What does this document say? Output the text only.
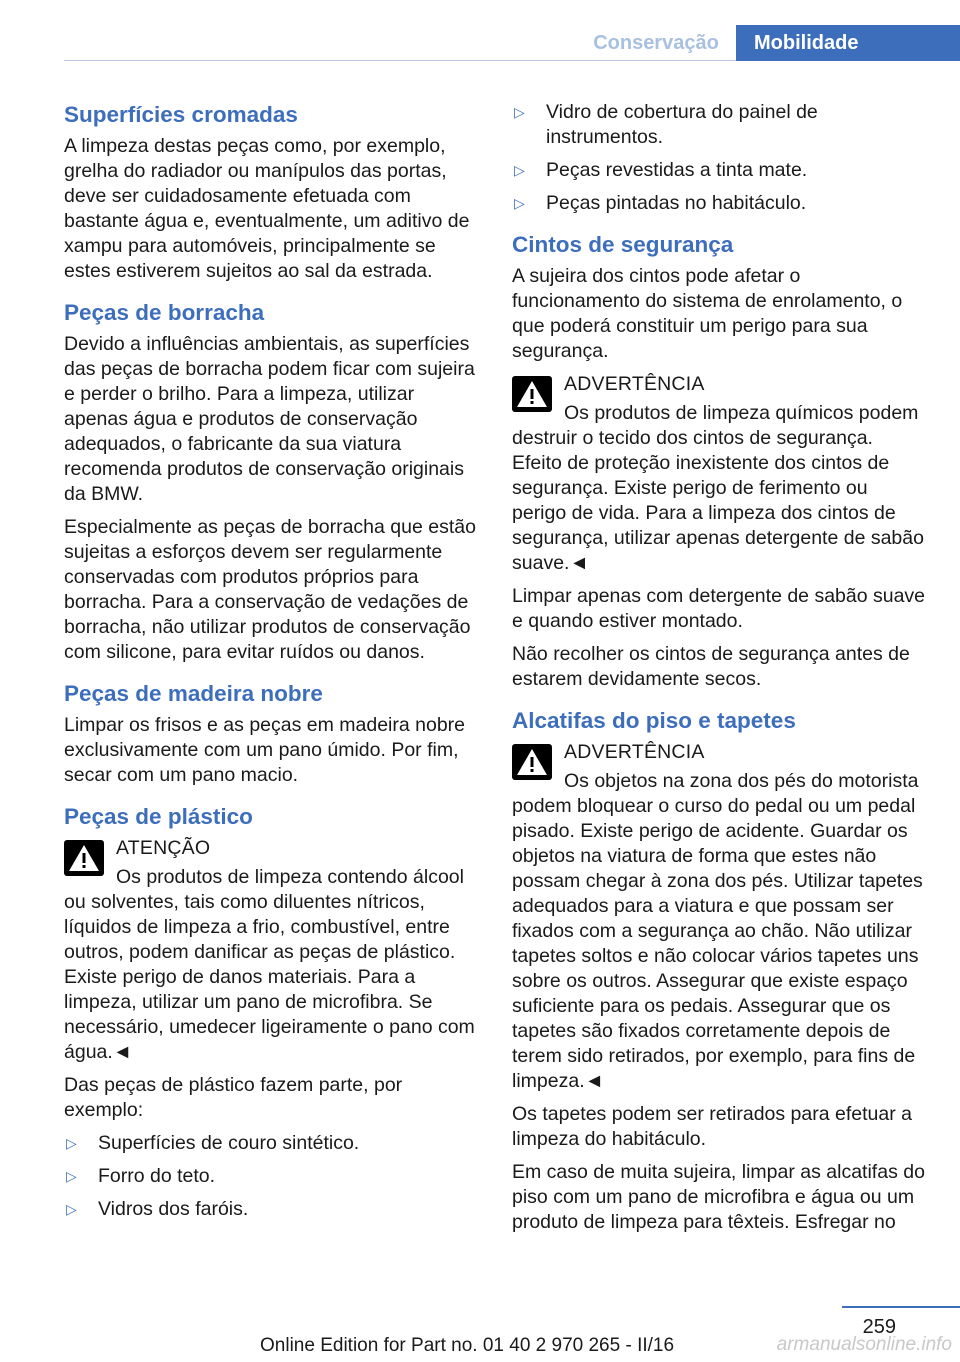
Conservação	Mobilidade
Superfícies cromadas

A limpeza destas peças como, por exemplo, grelha do radiador ou manípulos das portas, deve ser cuidadosamente efetuada com bastante água e, eventualmente, um aditivo de xampu para automóveis, principalmente se estes estiverem sujeitos ao sal da estrada.

Peças de borracha

Devido a influências ambientais, as superfícies das peças de borracha podem ficar com sujeira e perder o brilho. Para a limpeza, utilizar apenas água e produtos de conservação adequados, o fabricante da sua viatura recomenda produtos de conservação originais da BMW.

Especialmente as peças de borracha que estão sujeitas a esforços devem ser regularmente conservadas com produtos próprios para borracha. Para a conservação de vedações de borracha, não utilizar produtos de conservação com silicone, para evitar ruídos ou danos.

Peças de madeira nobre

Limpar os frisos e as peças em madeira nobre exclusivamente com um pano úmido. Por fim, secar com um pano macio.

Peças de plástico
ATENÇÃO
Os produtos de limpeza contendo álcool ou solventes, tais como diluentes nítricos, líquidos de limpeza a frio, combustível, entre outros, podem danificar as peças de plástico. Existe perigo de danos materiais. Para a limpeza, utilizar um pano de microfibra. Se necessário, umedecer ligeiramente o pano com água.◄

Das peças de plástico fazem parte, por exemplo:

▷ Superfícies de couro sintético.
▷ Forro do teto.
▷ Vidros dos faróis.
▷ Vidro de cobertura do painel de instrumentos.
▷ Peças revestidas a tinta mate.
▷ Peças pintadas no habitáculo.
Cintos de segurança

A sujeira dos cintos pode afetar o funcionamento do sistema de enrolamento, o que poderá constituir um perigo para sua segurança.

ADVERTÊNCIA
Os produtos de limpeza químicos podem destruir o tecido dos cintos de segurança. Efeito de proteção inexistente dos cintos de segurança. Existe perigo de ferimento ou perigo de vida. Para a limpeza dos cintos de segurança, utilizar apenas detergente de sabão suave.◄

Limpar apenas com detergente de sabão suave e quando estiver montado.

Não recolher os cintos de segurança antes de estarem devidamente secos.

Alcatifas do piso e tapetes
ADVERTÊNCIA
Os objetos na zona dos pés do motorista podem bloquear o curso do pedal ou um pedal pisado. Existe perigo de acidente. Guardar os objetos na viatura de forma que estes não possam chegar à zona dos pés. Utilizar tapetes adequados para a viatura e que possam ser fixados com a segurança ao chão. Não utilizar tapetes soltos e não colocar vários tapetes uns sobre os outros. Assegurar que existe espaço suficiente para os pedais. Assegurar que os tapetes são fixados corretamente depois de terem sido retirados, por exemplo, para fins de limpeza.◄

Os tapetes podem ser retirados para efetuar a limpeza do habitáculo.

Em caso de muita sujeira, limpar as alcatifas do piso com um pano de microfibra e água ou um produto de limpeza para têxteis. Esfregar no

259
Online Edition for Part no. 01 40 2 970 265 - II/16	armanualsonline.info
